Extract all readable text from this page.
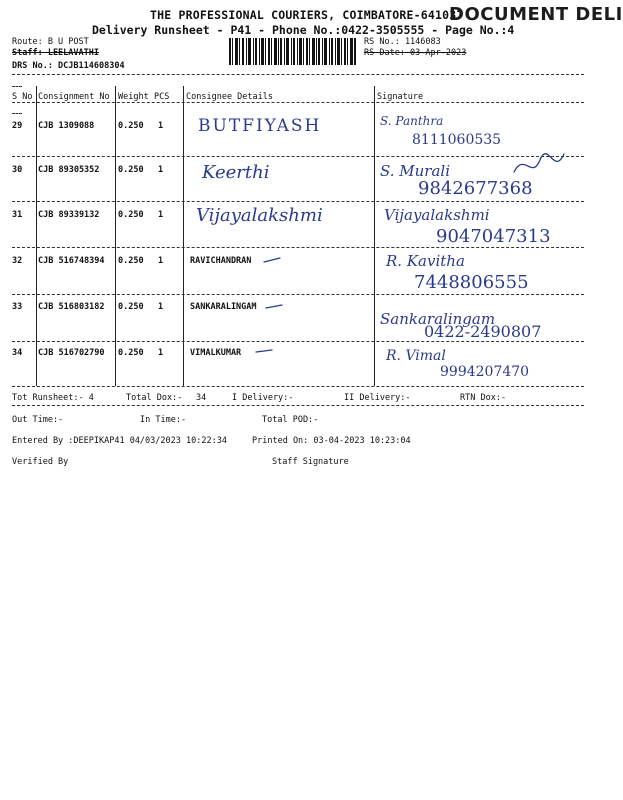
THE PROFESSIONAL COURIERS, COIMBATORE-641037
DOCUMENT DELI
Delivery Runsheet - P41 - Phone No.:0422-3505555 - Page No.:4
Route: B U POST
Staff: LEELAVATHI
DRS No.: DCJB114608304
RS No.: 1146083
RS Date: 03-Apr-2023
S No Consignment No Weight PCS Consignee Details	Signature
29 CJB 1309088	0.250 1 BUTFIYASH	S. Panthra
8111060535
30 CJB 89305352 0.250 1 Keerthi	S. Murali
9842677368
31 CJB 89339132 0.250 1 Vijayalakshmi	Vijayalakshmi
9047047313
32 CJB 516748394 0.250 1	RAVICHANDRAN	R. Kavitha
7448806555
33 CJB 516803182 0.250 1	SANKARALINGAM
Sankaralingam
0422-2490807
34 CJB 516702790 0.250 1	VIMALKUMAR	R. Vimal
9994207470
Tot Runsheet:- 4	Total Dox:- 34	I Delivery:-	II Delivery:-	RTN Dox:-
Out Time:-	In Time:-	Total POD:-
Entered By :DEEPIKAP41 04/03/2023 10:22:34	Printed On: 03-04-2023 10:23:04
Verified By	Staff Signature
